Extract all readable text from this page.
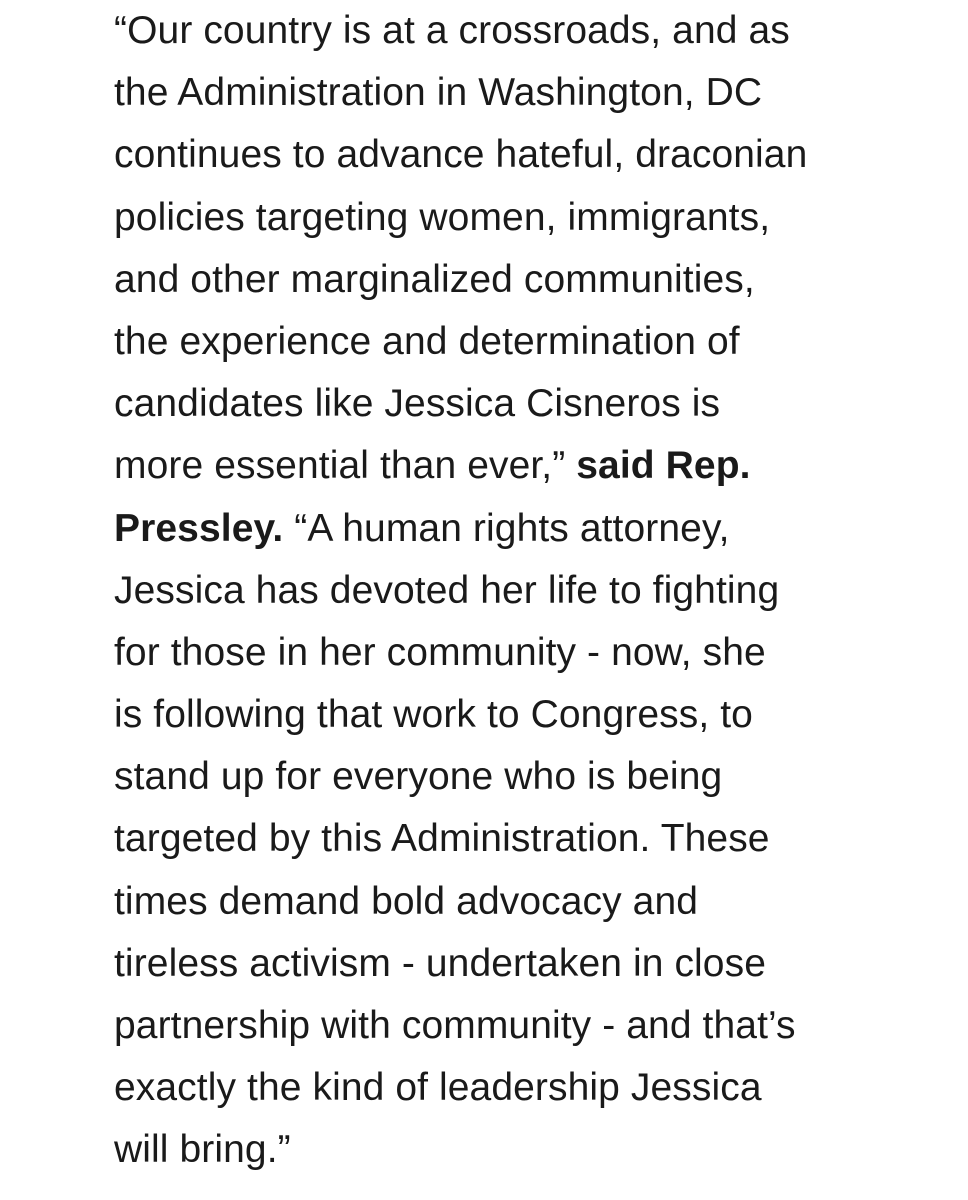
“Our country is at a crossroads, and as
the Administration in Washington, DC
continues to advance hateful, draconian
policies targeting women, immigrants,
and other marginalized communities,
the experience and determination of
candidates like Jessica Cisneros is
more essential than ever,” said Rep.
Pressley. “A human rights attorney,
Jessica has devoted her life to fighting
for those in her community - now, she
is following that work to Congress, to
stand up for everyone who is being
targeted by this Administration. These
times demand bold advocacy and
tireless activism - undertaken in close
partnership with community - and that’s
exactly the kind of leadership Jessica
will bring.”
